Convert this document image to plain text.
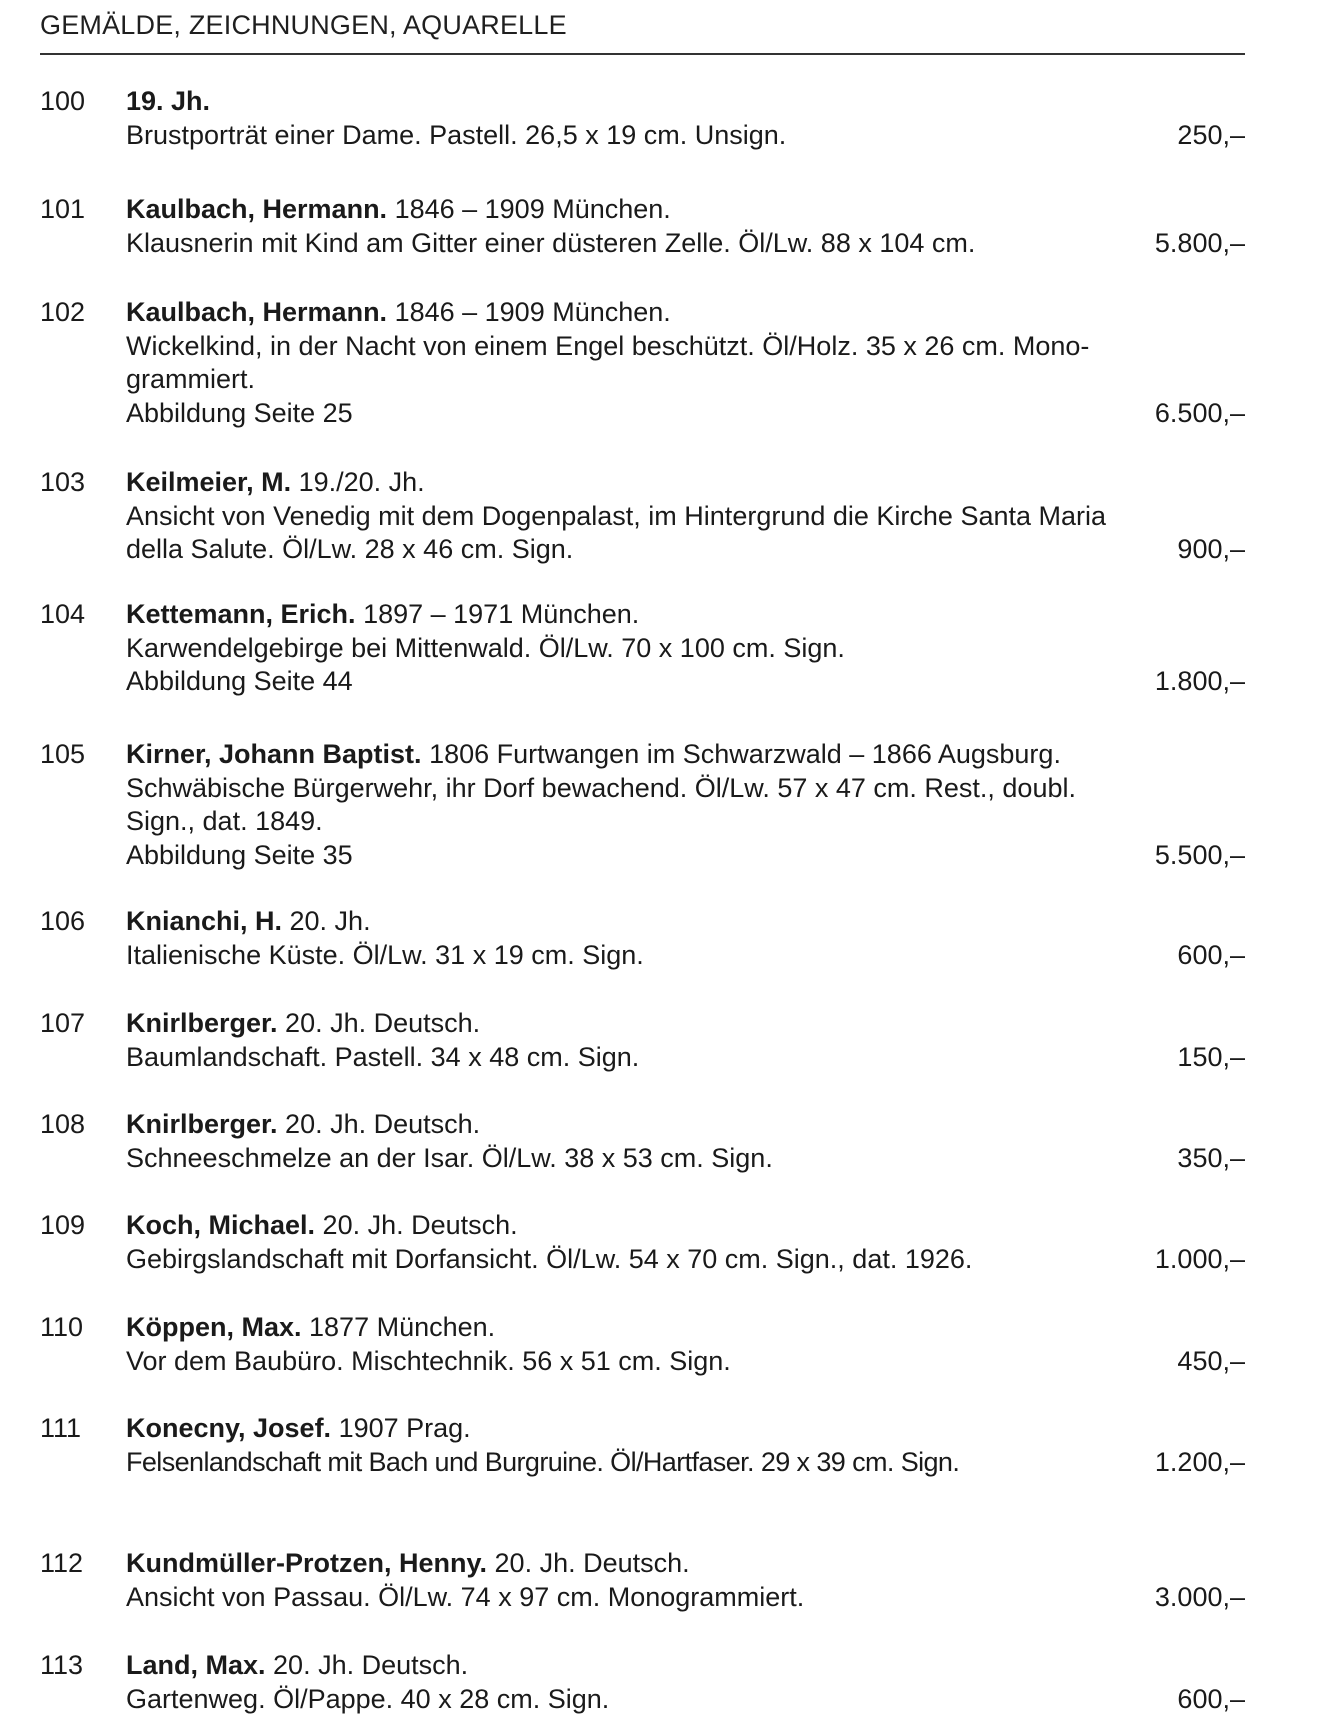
GEMÄLDE, ZEICHNUNGEN, AQUARELLE
100	19. Jh.
Brustporträt einer Dame. Pastell. 26,5 x 19 cm. Unsign.	250,–
101	Kaulbach, Hermann. 1846 – 1909 München.
Klausnerin mit Kind am Gitter einer düsteren Zelle. Öl/Lw. 88 x 104 cm.	5.800,–
102	Kaulbach, Hermann. 1846 – 1909 München.
Wickelkind, in der Nacht von einem Engel beschützt. Öl/Holz. 35 x 26 cm. Mono-
grammiert.
Abbildung Seite 25	6.500,–
103	Keilmeier, M. 19./20. Jh.
Ansicht von Venedig mit dem Dogenpalast, im Hintergrund die Kirche Santa Maria
della Salute. Öl/Lw. 28 x 46 cm. Sign.	900,–
104	Kettemann, Erich. 1897 – 1971 München.
Karwendelgebirge bei Mittenwald. Öl/Lw. 70 x 100 cm. Sign.
Abbildung Seite 44	1.800,–
105	Kirner, Johann Baptist. 1806 Furtwangen im Schwarzwald – 1866 Augsburg.
Schwäbische Bürgerwehr, ihr Dorf bewachend. Öl/Lw. 57 x 47 cm. Rest., doubl.
Sign., dat. 1849.
Abbildung Seite 35	5.500,–
106	Knianchi, H. 20. Jh.
Italienische Küste. Öl/Lw. 31 x 19 cm. Sign.	600,–
107	Knirlberger. 20. Jh. Deutsch.
Baumlandschaft. Pastell. 34 x 48 cm. Sign.	150,–
108	Knirlberger. 20. Jh. Deutsch.
Schneeschmelze an der Isar. Öl/Lw. 38 x 53 cm. Sign.	350,–
109	Koch, Michael. 20. Jh. Deutsch.
Gebirgslandschaft mit Dorfansicht. Öl/Lw. 54 x 70 cm. Sign., dat. 1926.	1.000,–
110	Köppen, Max. 1877 München.
Vor dem Baubüro. Mischtechnik. 56 x 51 cm. Sign.	450,–
111	Konecny, Josef. 1907 Prag.
Felsenlandschaft mit Bach und Burgruine. Öl/Hartfaser. 29 x 39 cm. Sign.	1.200,–
112	Kundmüller-Protzen, Henny. 20. Jh. Deutsch.
Ansicht von Passau. Öl/Lw. 74 x 97 cm. Monogrammiert.	3.000,–
113	Land, Max. 20. Jh. Deutsch.
Gartenweg. Öl/Pappe. 40 x 28 cm. Sign.	600,–
